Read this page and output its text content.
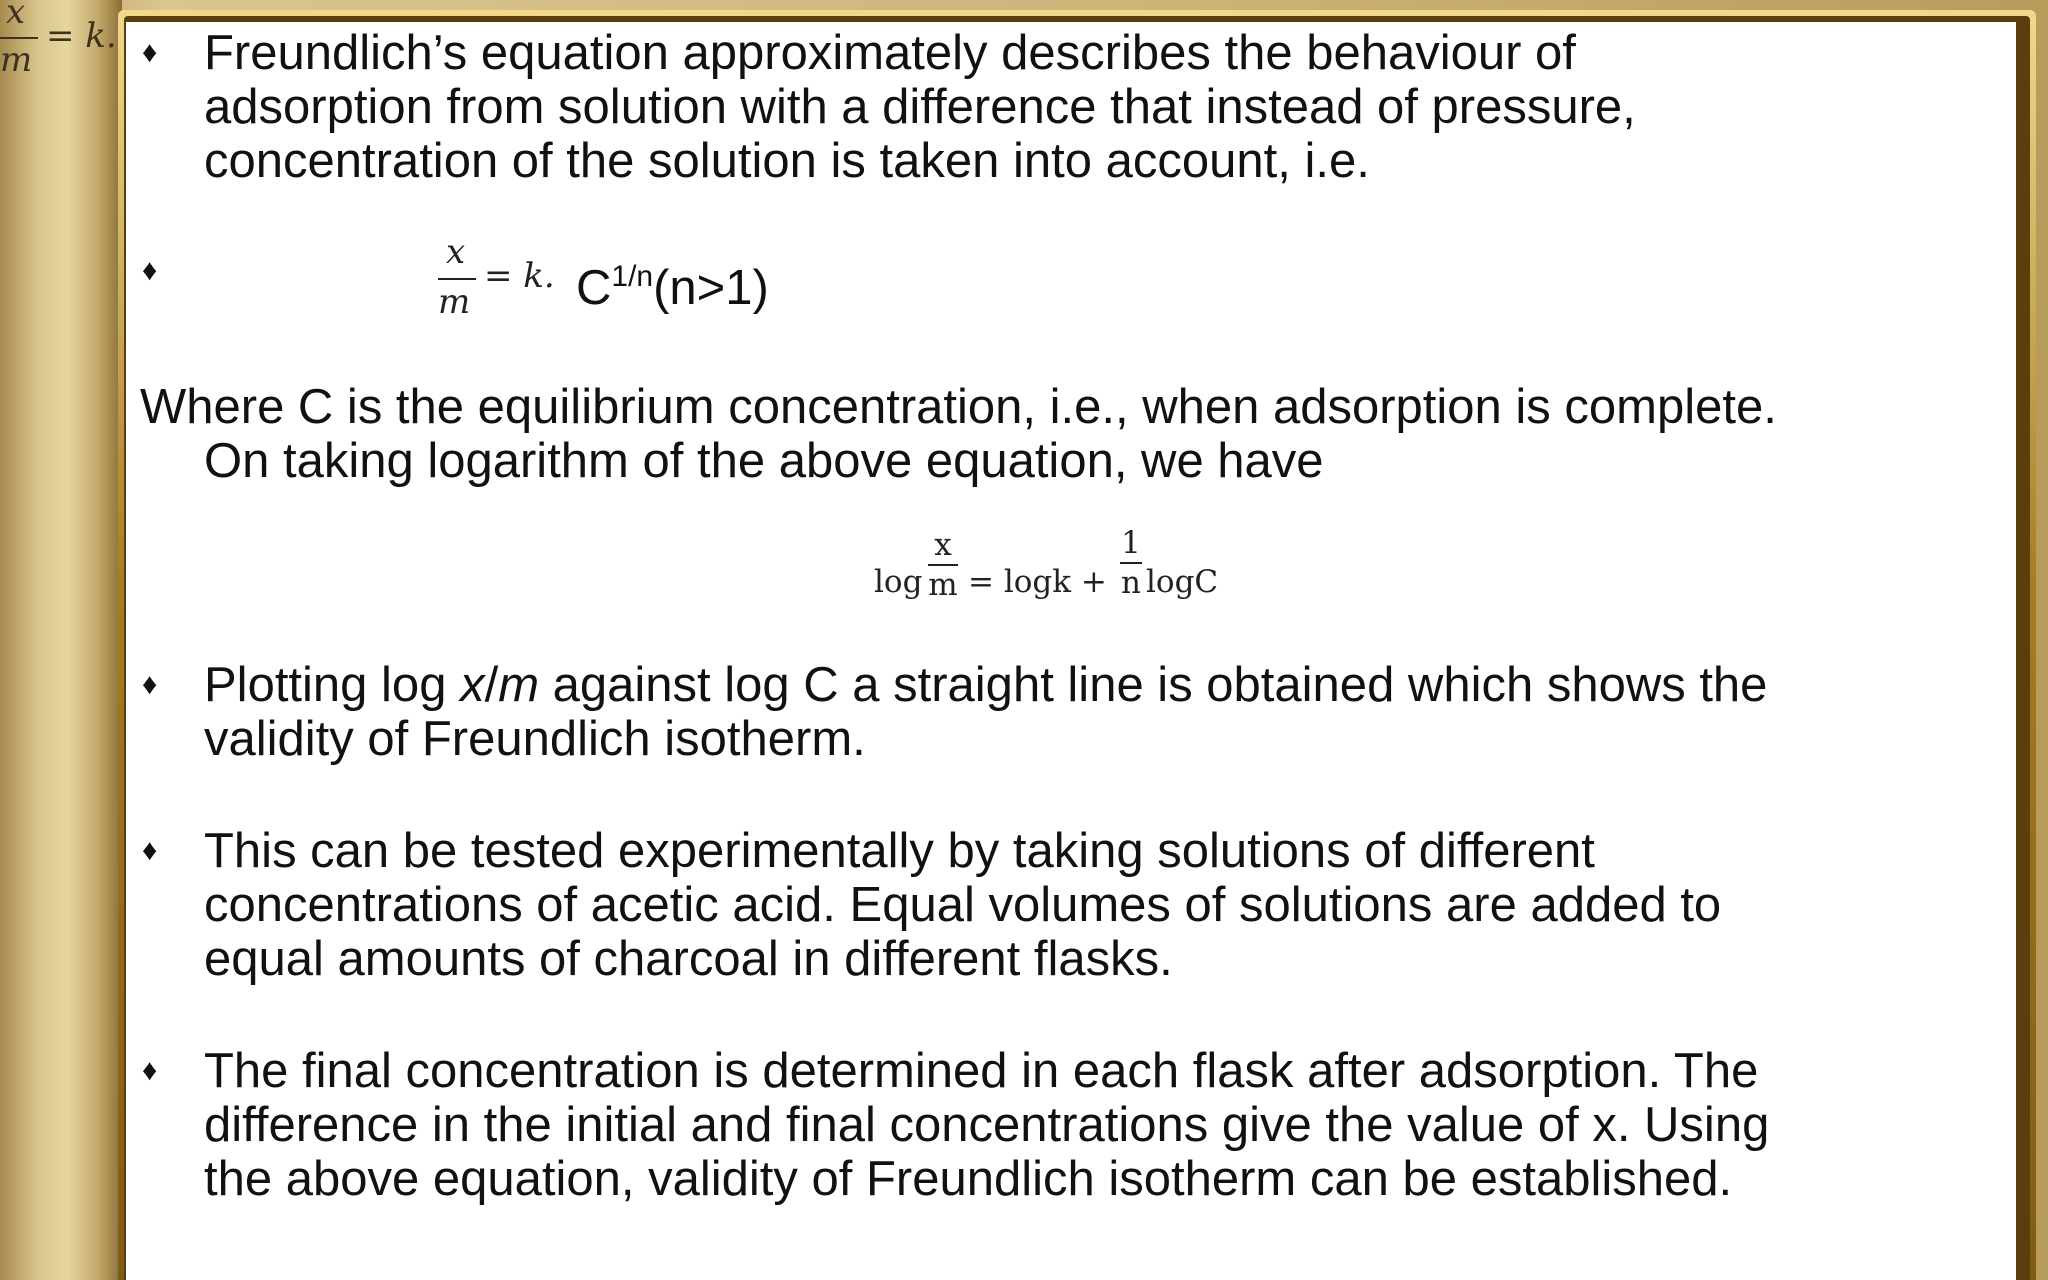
x
m
= k. ♦ Freundlich’s equation approximately describes the behaviour of
adsorption from solution with a difference that instead of pressure,
concentration of the solution is taken into account, i.e.
♦	x
m
= k. $C^{1/n}(n>1)$
Where C is the equilibrium concentration, i.e., when adsorption is complete.
On taking logarithm of the above equation, we have
log
x
m = logk +
1
n logC
♦ Plotting log x/m against log C a straight line is obtained which shows the
validity of Freundlich isotherm.
♦ This can be tested experimentally by taking solutions of different
concentrations of acetic acid. Equal volumes of solutions are added to
equal amounts of charcoal in different flasks.
♦ The final concentration is determined in each flask after adsorption. The
difference in the initial and final concentrations give the value of x. Using
the above equation, validity of Freundlich isotherm can be established.
